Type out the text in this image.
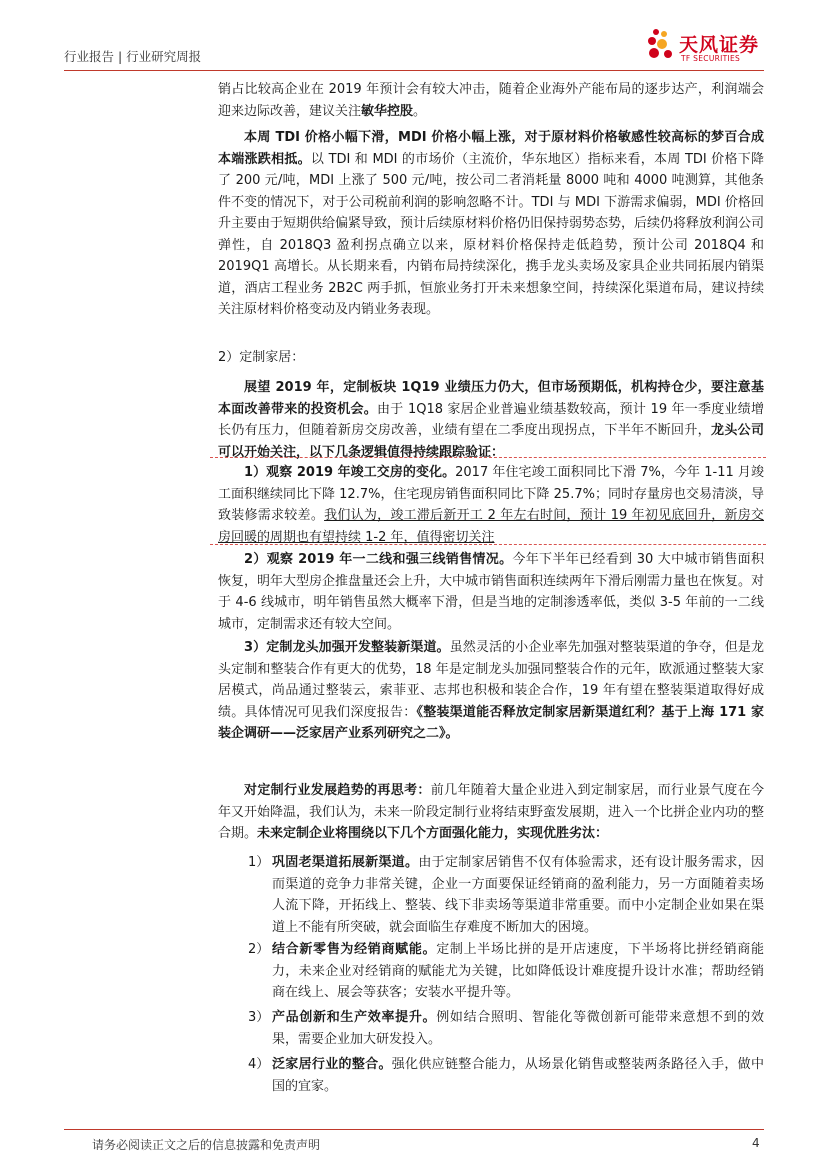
行业报告 | 行业研究周报
天风证券
TF SECURITIES

销占比较高企业在 2019 年预计会有较大冲击，随着企业海外产能布局的逐步达产，利润端会迎来边际改善，建议关注敏华控股。

本周 TDI 价格小幅下滑，MDI 价格小幅上涨，对于原材料价格敏感性较高标的梦百合成本端涨跌相抵。以 TDI 和 MDI 的市场价（主流价，华东地区）指标来看，本周 TDI 价格下降了 200 元/吨，MDI 上涨了 500 元/吨，按公司二者消耗量 8000 吨和 4000 吨测算，其他条件不变的情况下，对于公司税前利润的影响忽略不计。TDI 与 MDI 下游需求偏弱，MDI 价格回升主要由于短期供给偏紧导致，预计后续原材料价格仍旧保持弱势态势，后续仍将释放利润公司弹性，自 2018Q3 盈利拐点确立以来，原材料价格保持走低趋势，预计公司 2018Q4 和 2019Q1 高增长。从长期来看，内销布局持续深化，携手龙头卖场及家具企业共同拓展内销渠道，酒店工程业务 2B2C 两手抓，恒旅业务打开未来想象空间，持续深化渠道布局，建议持续关注原材料价格变动及内销业务表现。

2）定制家居：

展望 2019 年，定制板块 1Q19 业绩压力仍大，但市场预期低，机构持仓少，要注意基本面改善带来的投资机会。由于 1Q18 家居企业普遍业绩基数较高，预计 19 年一季度业绩增长仍有压力，但随着新房交房改善，业绩有望在二季度出现拐点，下半年不断回升，龙头公司可以开始关注，以下几条逻辑值得持续跟踪验证：

1）观察 2019 年竣工交房的变化。2017 年住宅竣工面积同比下滑 7%，今年 1-11 月竣工面积继续同比下降 12.7%，住宅现房销售面积同比下降 25.7%；同时存量房也交易清淡，导致装修需求较差。我们认为，竣工滞后新开工 2 年左右时间，预计 19 年初见底回升，新房交房回暖的周期也有望持续 1-2 年，值得密切关注

2）观察 2019 年一二线和强三线销售情况。今年下半年已经看到 30 大中城市销售面积恢复，明年大型房企推盘量还会上升，大中城市销售面积连续两年下滑后刚需力量也在恢复。对于 4-6 线城市，明年销售虽然大概率下滑，但是当地的定制渗透率低，类似 3-5 年前的一二线城市，定制需求还有较大空间。

3）定制龙头加强开发整装新渠道。虽然灵活的小企业率先加强对整装渠道的争夺，但是龙头定制和整装合作有更大的优势，18 年是定制龙头加强同整装合作的元年，欧派通过整装大家居模式，尚品通过整装云，索菲亚、志邦也积极和装企合作，19 年有望在整装渠道取得好成绩。具体情况可见我们深度报告：《整装渠道能否释放定制家居新渠道红利？基于上海 171 家装企调研——泛家居产业系列研究之二》。

对定制行业发展趋势的再思考：前几年随着大量企业进入到定制家居，而行业景气度在今年又开始降温，我们认为，未来一阶段定制行业将结束野蛮发展期，进入一个比拼企业内功的整合期。未来定制企业将围绕以下几个方面强化能力，实现优胜劣汰：

1） 巩固老渠道拓展新渠道。由于定制家居销售不仅有体验需求，还有设计服务需求，因而渠道的竞争力非常关键，企业一方面要保证经销商的盈利能力，另一方面随着卖场人流下降，开拓线上、整装、线下非卖场等渠道非常重要。而中小定制企业如果在渠道上不能有所突破，就会面临生存难度不断加大的困境。
2） 结合新零售为经销商赋能。定制上半场比拼的是开店速度，下半场将比拼经销商能力，未来企业对经销商的赋能尤为关键，比如降低设计难度提升设计水准；帮助经销商在线上、展会等获客；安装水平提升等。
3） 产品创新和生产效率提升。例如结合照明、智能化等微创新可能带来意想不到的效果，需要企业加大研发投入。
4） 泛家居行业的整合。强化供应链整合能力，从场景化销售或整装两条路径入手，做中国的宜家。
请务必阅读正文之后的信息披露和免责声明	4
